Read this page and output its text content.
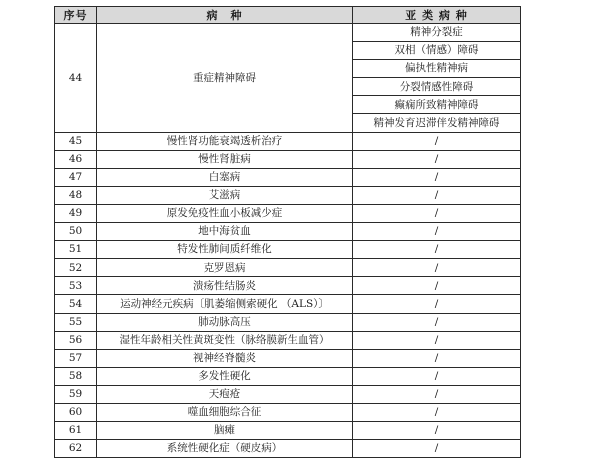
序号	病　种	亚 类 病 种
44	重症精神障碍	精神分裂症
		双相（情感）障碍
		偏执性精神病
		分裂情感性障碍
		癫痫所致精神障碍
		精神发育迟滞伴发精神障碍
45	慢性肾功能衰竭透析治疗	/
46	慢性肾脏病	/
47	白塞病	/
48	艾滋病	/
49	原发免疫性血小板减少症	/
50	地中海贫血	/
51	特发性肺间质纤维化	/
52	克罗恩病	/
53	溃疡性结肠炎	/
54	运动神经元疾病〔肌萎缩侧索硬化 （ALS）〕	/
55	肺动脉高压	/
56	湿性年龄相关性黄斑变性（脉络膜新生血管）	/
57	视神经脊髓炎	/
58	多发性硬化	/
59	天疱疮	/
60	噬血细胞综合征	/
61	脑瘫	/
62	系统性硬化症（硬皮病）	/
